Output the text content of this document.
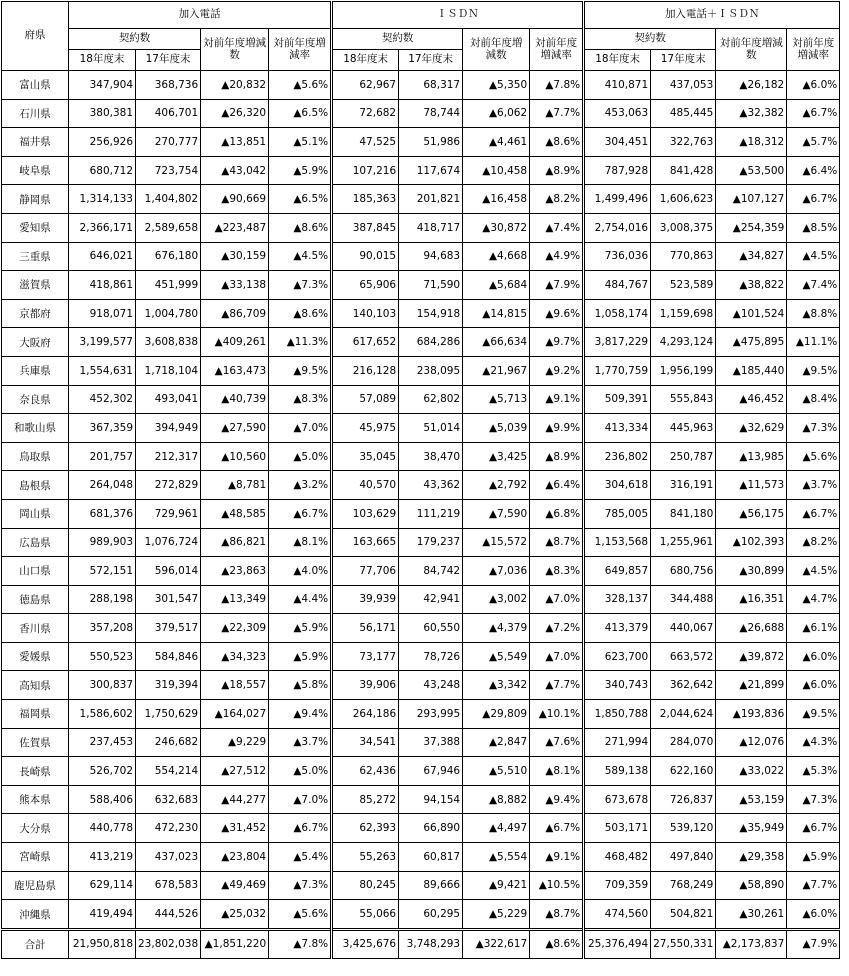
府県	加入電話				ＩＳＤＮ				加入電話＋ＩＳＤＮ			
	契約数		対前年度増減数	対前年度増減率	契約数		対前年度増減数	対前年度増減率	契約数		対前年度増減数	対前年度増減率
	18年度末	17年度末			18年度末	17年度末			18年度末	17年度末		
富山県	347,904	368,736	▲20,832	▲5.6%	62,967	68,317	▲5,350	▲7.8%	410,871	437,053	▲26,182	▲6.0%
石川県	380,381	406,701	▲26,320	▲6.5%	72,682	78,744	▲6,062	▲7.7%	453,063	485,445	▲32,382	▲6.7%
福井県	256,926	270,777	▲13,851	▲5.1%	47,525	51,986	▲4,461	▲8.6%	304,451	322,763	▲18,312	▲5.7%
岐阜県	680,712	723,754	▲43,042	▲5.9%	107,216	117,674	▲10,458	▲8.9%	787,928	841,428	▲53,500	▲6.4%
静岡県	1,314,133	1,404,802	▲90,669	▲6.5%	185,363	201,821	▲16,458	▲8.2%	1,499,496	1,606,623	▲107,127	▲6.7%
愛知県	2,366,171	2,589,658	▲223,487	▲8.6%	387,845	418,717	▲30,872	▲7.4%	2,754,016	3,008,375	▲254,359	▲8.5%
三重県	646,021	676,180	▲30,159	▲4.5%	90,015	94,683	▲4,668	▲4.9%	736,036	770,863	▲34,827	▲4.5%
滋賀県	418,861	451,999	▲33,138	▲7.3%	65,906	71,590	▲5,684	▲7.9%	484,767	523,589	▲38,822	▲7.4%
京都府	918,071	1,004,780	▲86,709	▲8.6%	140,103	154,918	▲14,815	▲9.6%	1,058,174	1,159,698	▲101,524	▲8.8%
大阪府	3,199,577	3,608,838	▲409,261	▲11.3%	617,652	684,286	▲66,634	▲9.7%	3,817,229	4,293,124	▲475,895	▲11.1%
兵庫県	1,554,631	1,718,104	▲163,473	▲9.5%	216,128	238,095	▲21,967	▲9.2%	1,770,759	1,956,199	▲185,440	▲9.5%
奈良県	452,302	493,041	▲40,739	▲8.3%	57,089	62,802	▲5,713	▲9.1%	509,391	555,843	▲46,452	▲8.4%
和歌山県	367,359	394,949	▲27,590	▲7.0%	45,975	51,014	▲5,039	▲9.9%	413,334	445,963	▲32,629	▲7.3%
鳥取県	201,757	212,317	▲10,560	▲5.0%	35,045	38,470	▲3,425	▲8.9%	236,802	250,787	▲13,985	▲5.6%
島根県	264,048	272,829	▲8,781	▲3.2%	40,570	43,362	▲2,792	▲6.4%	304,618	316,191	▲11,573	▲3.7%
岡山県	681,376	729,961	▲48,585	▲6.7%	103,629	111,219	▲7,590	▲6.8%	785,005	841,180	▲56,175	▲6.7%
広島県	989,903	1,076,724	▲86,821	▲8.1%	163,665	179,237	▲15,572	▲8.7%	1,153,568	1,255,961	▲102,393	▲8.2%
山口県	572,151	596,014	▲23,863	▲4.0%	77,706	84,742	▲7,036	▲8.3%	649,857	680,756	▲30,899	▲4.5%
徳島県	288,198	301,547	▲13,349	▲4.4%	39,939	42,941	▲3,002	▲7.0%	328,137	344,488	▲16,351	▲4.7%
香川県	357,208	379,517	▲22,309	▲5.9%	56,171	60,550	▲4,379	▲7.2%	413,379	440,067	▲26,688	▲6.1%
愛媛県	550,523	584,846	▲34,323	▲5.9%	73,177	78,726	▲5,549	▲7.0%	623,700	663,572	▲39,872	▲6.0%
高知県	300,837	319,394	▲18,557	▲5.8%	39,906	43,248	▲3,342	▲7.7%	340,743	362,642	▲21,899	▲6.0%
福岡県	1,586,602	1,750,629	▲164,027	▲9.4%	264,186	293,995	▲29,809	▲10.1%	1,850,788	2,044,624	▲193,836	▲9.5%
佐賀県	237,453	246,682	▲9,229	▲3.7%	34,541	37,388	▲2,847	▲7.6%	271,994	284,070	▲12,076	▲4.3%
長崎県	526,702	554,214	▲27,512	▲5.0%	62,436	67,946	▲5,510	▲8.1%	589,138	622,160	▲33,022	▲5.3%
熊本県	588,406	632,683	▲44,277	▲7.0%	85,272	94,154	▲8,882	▲9.4%	673,678	726,837	▲53,159	▲7.3%
大分県	440,778	472,230	▲31,452	▲6.7%	62,393	66,890	▲4,497	▲6.7%	503,171	539,120	▲35,949	▲6.7%
宮崎県	413,219	437,023	▲23,804	▲5.4%	55,263	60,817	▲5,554	▲9.1%	468,482	497,840	▲29,358	▲5.9%
鹿児島県	629,114	678,583	▲49,469	▲7.3%	80,245	89,666	▲9,421	▲10.5%	709,359	768,249	▲58,890	▲7.7%
沖縄県	419,494	444,526	▲25,032	▲5.6%	55,066	60,295	▲5,229	▲8.7%	474,560	504,821	▲30,261	▲6.0%
合計	21,950,818	23,802,038	▲1,851,220	▲7.8%	3,425,676	3,748,293	▲322,617	▲8.6%	25,376,494	27,550,331	▲2,173,837	▲7.9%
